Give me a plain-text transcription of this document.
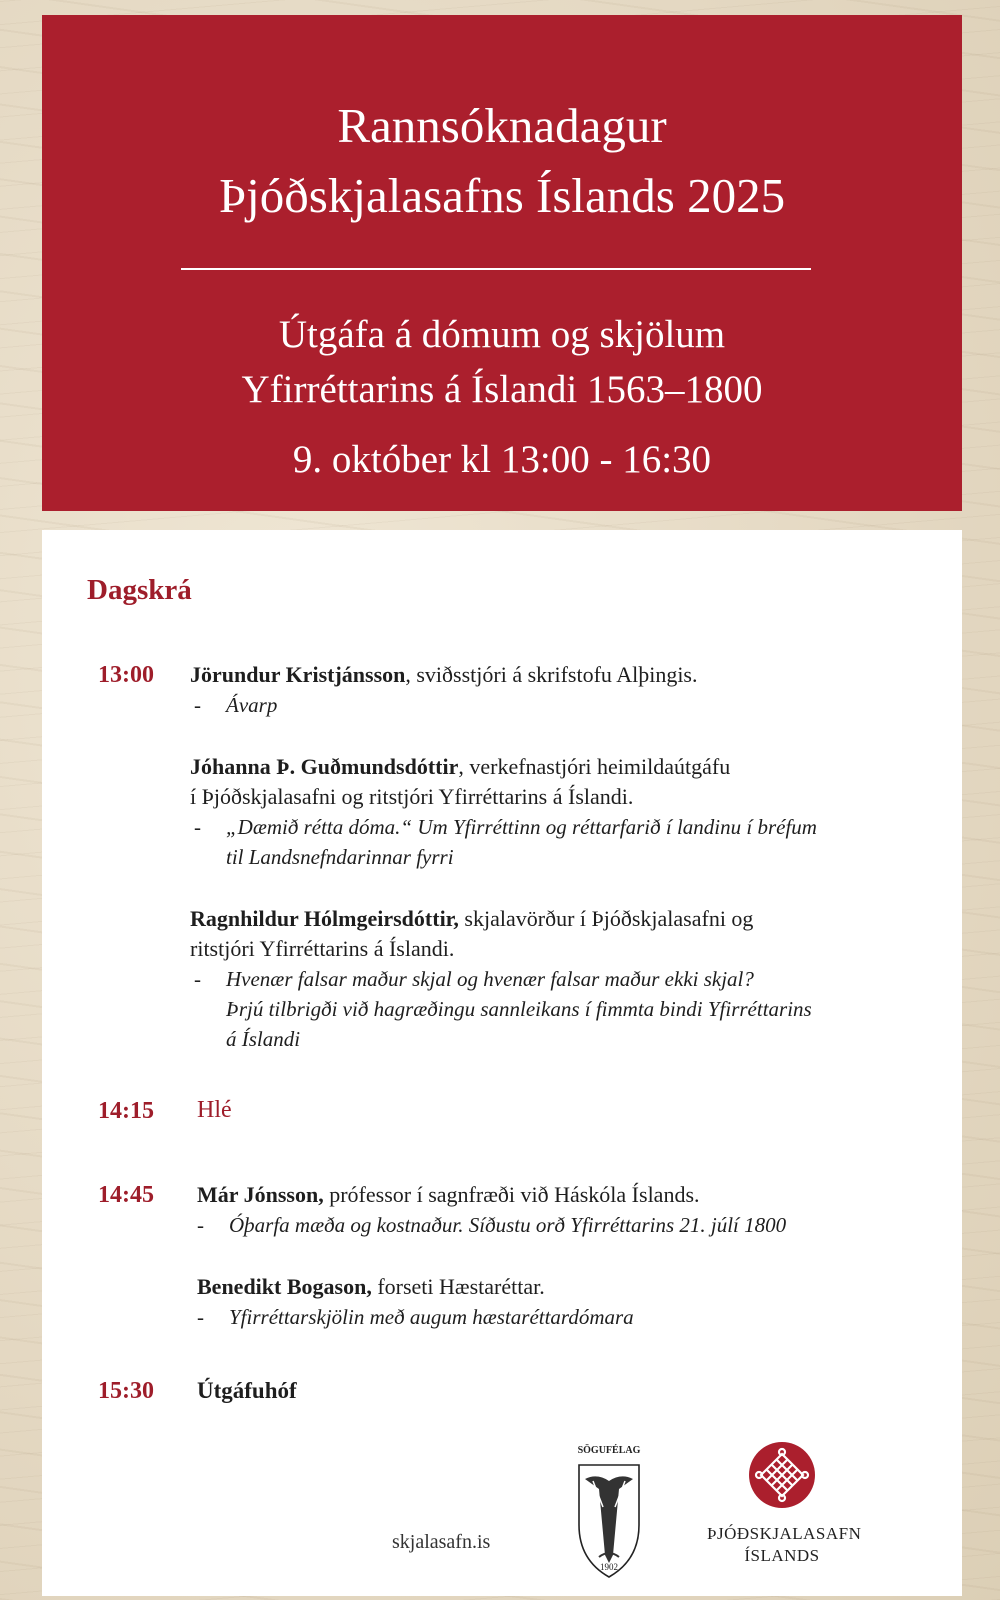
Rannsóknadagur
Þjóðskjalasafns Íslands 2025
Útgáfa á dómum og skjölum
Yfirréttarins á Íslandi 1563–1800
9. október kl 13:00 - 16:30
Dagskrá
13:00 Jörundur Kristjánsson, sviðsstjóri á skrifstofu Alþingis.
- Ávarp
Jóhanna Þ. Guðmundsdóttir, verkefnastjóri heimildaútgáfu
í Þjóðskjalasafni og ritstjóri Yfirréttarins á Íslandi.
- „Dæmið rétta dóma.“ Um Yfirréttinn og réttarfarið í landinu í bréfum
til Landsnefndarinnar fyrri
Ragnhildur Hólmgeirsdóttir, skjalavörður í Þjóðskjalasafni og
ritstjóri Yfirréttarins á Íslandi.
- Hvenær falsar maður skjal og hvenær falsar maður ekki skjal?
Þrjú tilbrigði við hagræðingu sannleikans í fimmta bindi Yfirréttarins
á Íslandi
14:15 Hlé
14:45 Már Jónsson, prófessor í sagnfræði við Háskóla Íslands.
- Óþarfa mæða og kostnaður. Síðustu orð Yfirréttarins 21. júlí 1800
Benedikt Bogason, forseti Hæstaréttar.
- Yfirréttarskjölin með augum hæstaréttardómara
15:30 Útgáfuhóf
skjalasafn.is
SÖGUFÉLAG
1902
ÞJÓÐSKJALASAFN
ÍSLANDS
